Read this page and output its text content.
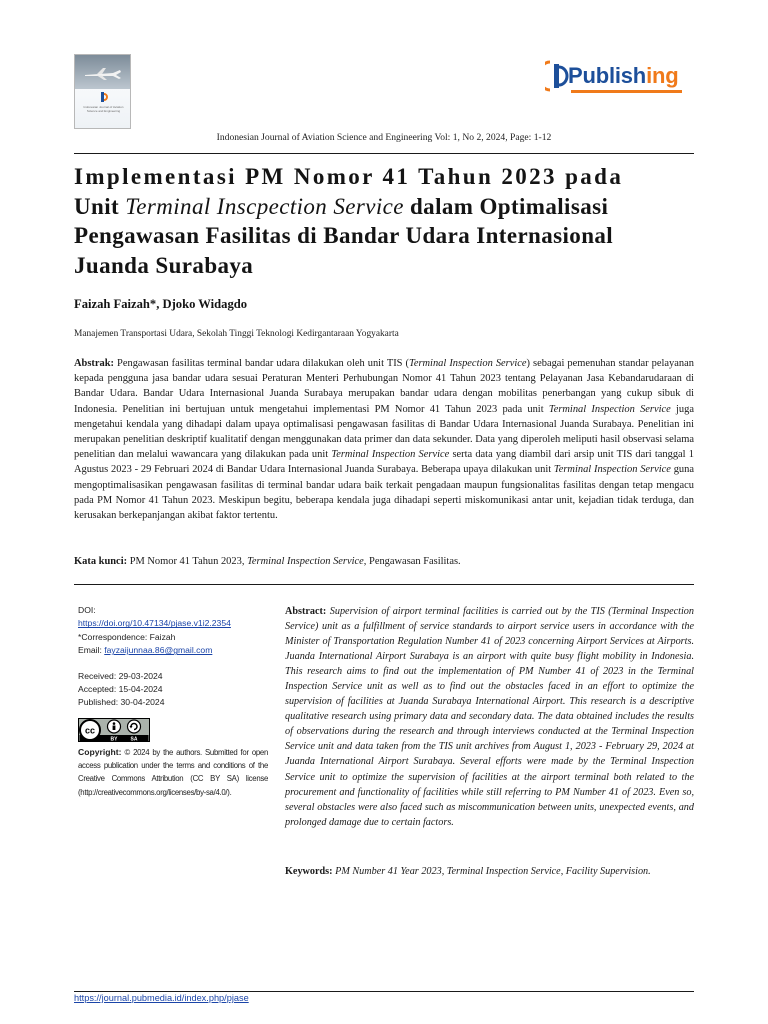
Indonesian Journal of Aviation Science and Engineering
Publishing
Indonesian Journal of Aviation Science and Engineering Vol: 1, No 2, 2024, Page: 1-12
Implementasi PM Nomor 41 Tahun 2023 pada
Unit Terminal Inscpection Service dalam Optimalisasi
Pengawasan Fasilitas di Bandar Udara Internasional
Juanda Surabaya
Faizah Faizah*, Djoko Widagdo
Manajemen Transportasi Udara, Sekolah Tinggi Teknologi Kedirgantaraan Yogyakarta

Abstrak: Pengawasan fasilitas terminal bandar udara dilakukan oleh unit TIS (Terminal Inspection Service) sebagai pemenuhan standar pelayanan kepada pengguna jasa bandar udara sesuai Peraturan Menteri Perhubungan Nomor 41 Tahun 2023 tentang Pelayanan Jasa Kebandarudaraan di Bandar Udara. Bandar Udara Internasional Juanda Surabaya merupakan bandar udara dengan mobilitas penerbangan yang cukup sibuk di Indonesia. Penelitian ini bertujuan untuk mengetahui implementasi PM Nomor 41 Tahun 2023 pada unit Terminal Inspection Service juga mengetahui kendala yang dihadapi dalam upaya optimalisasi pengawasan fasilitas di Bandar Udara Internasional Juanda Surabaya. Penelitian ini merupakan penelitian deskriptif kualitatif dengan menggunakan data primer dan data sekunder. Data yang diperoleh meliputi hasil observasi selama penelitian dan melalui wawancara yang dilakukan pada unit Terminal Inspection Service serta data yang diambil dari arsip unit TIS dari tanggal 1 Agustus 2023 - 29 Februari 2024 di Bandar Udara Internasional Juanda Surabaya. Beberapa upaya dilakukan unit Terminal Inspection Service guna mengoptimalisasikan pengawasan fasilitas di terminal bandar udara baik terkait pengadaan maupun fungsionalitas fasilitas dengan tetap mengacu pada PM Nomor 41 Tahun 2023. Meskipun begitu, beberapa kendala juga dihadapi seperti miskomunikasi antar unit, kejadian tidak terduga, dan kerusakan berkepanjangan akibat faktor tertentu.

Kata kunci: PM Nomor 41 Tahun 2023, Terminal Inspection Service, Pengawasan Fasilitas.

DOI:
https://doi.org/10.47134/pjase.v1i2.2354
*Correspondence: Faizah
Email: fayzaijunnaa.86@gmail.com
Received: 29-03-2024
Accepted: 15-04-2024
Published: 30-04-2024
cc
BY	SA
Copyright: © 2024 by the authors. Submitted for open access publication under the terms and conditions of the Creative Commons Attribution (CC BY SA) license (http://creativecommons.org/licenses/by-sa/4.0/).

Abstract: Supervision of airport terminal facilities is carried out by the TIS (Terminal Inspection Service) unit as a fulfillment of service standards to airport service users in accordance with the Minister of Transportation Regulation Number 41 of 2023 concerning Airport Services at Airports. Juanda International Airport Surabaya is an airport with quite busy flight mobility in Indonesia. This research aims to find out the implementation of PM Number 41 of 2023 in the Terminal Inspection Service unit as well as to find out the obstacles faced in an effort to optimize the supervision of facilities at Juanda Surabaya International Airport. This research is a descriptive qualitative research using primary data and secondary data. The data obtained includes the results of observations during the research and through interviews conducted at the Terminal Inspection Service unit and data taken from the TIS unit archives from August 1, 2023 - February 29, 2024 at Juanda International Airport Surabaya. Several efforts were made by the Terminal Inspection Service unit to optimize the supervision of facilities at the airport terminal both related to the procurement and functionality of facilities while still referring to PM Number 41 of 2023. Even so, several obstacles were also faced such as miscommunication between units, unexpected events, and prolonged damage due to certain factors.

Keywords: PM Number 41 Year 2023, Terminal Inspection Service, Facility Supervision.

https://journal.pubmedia.id/index.php/pjase
